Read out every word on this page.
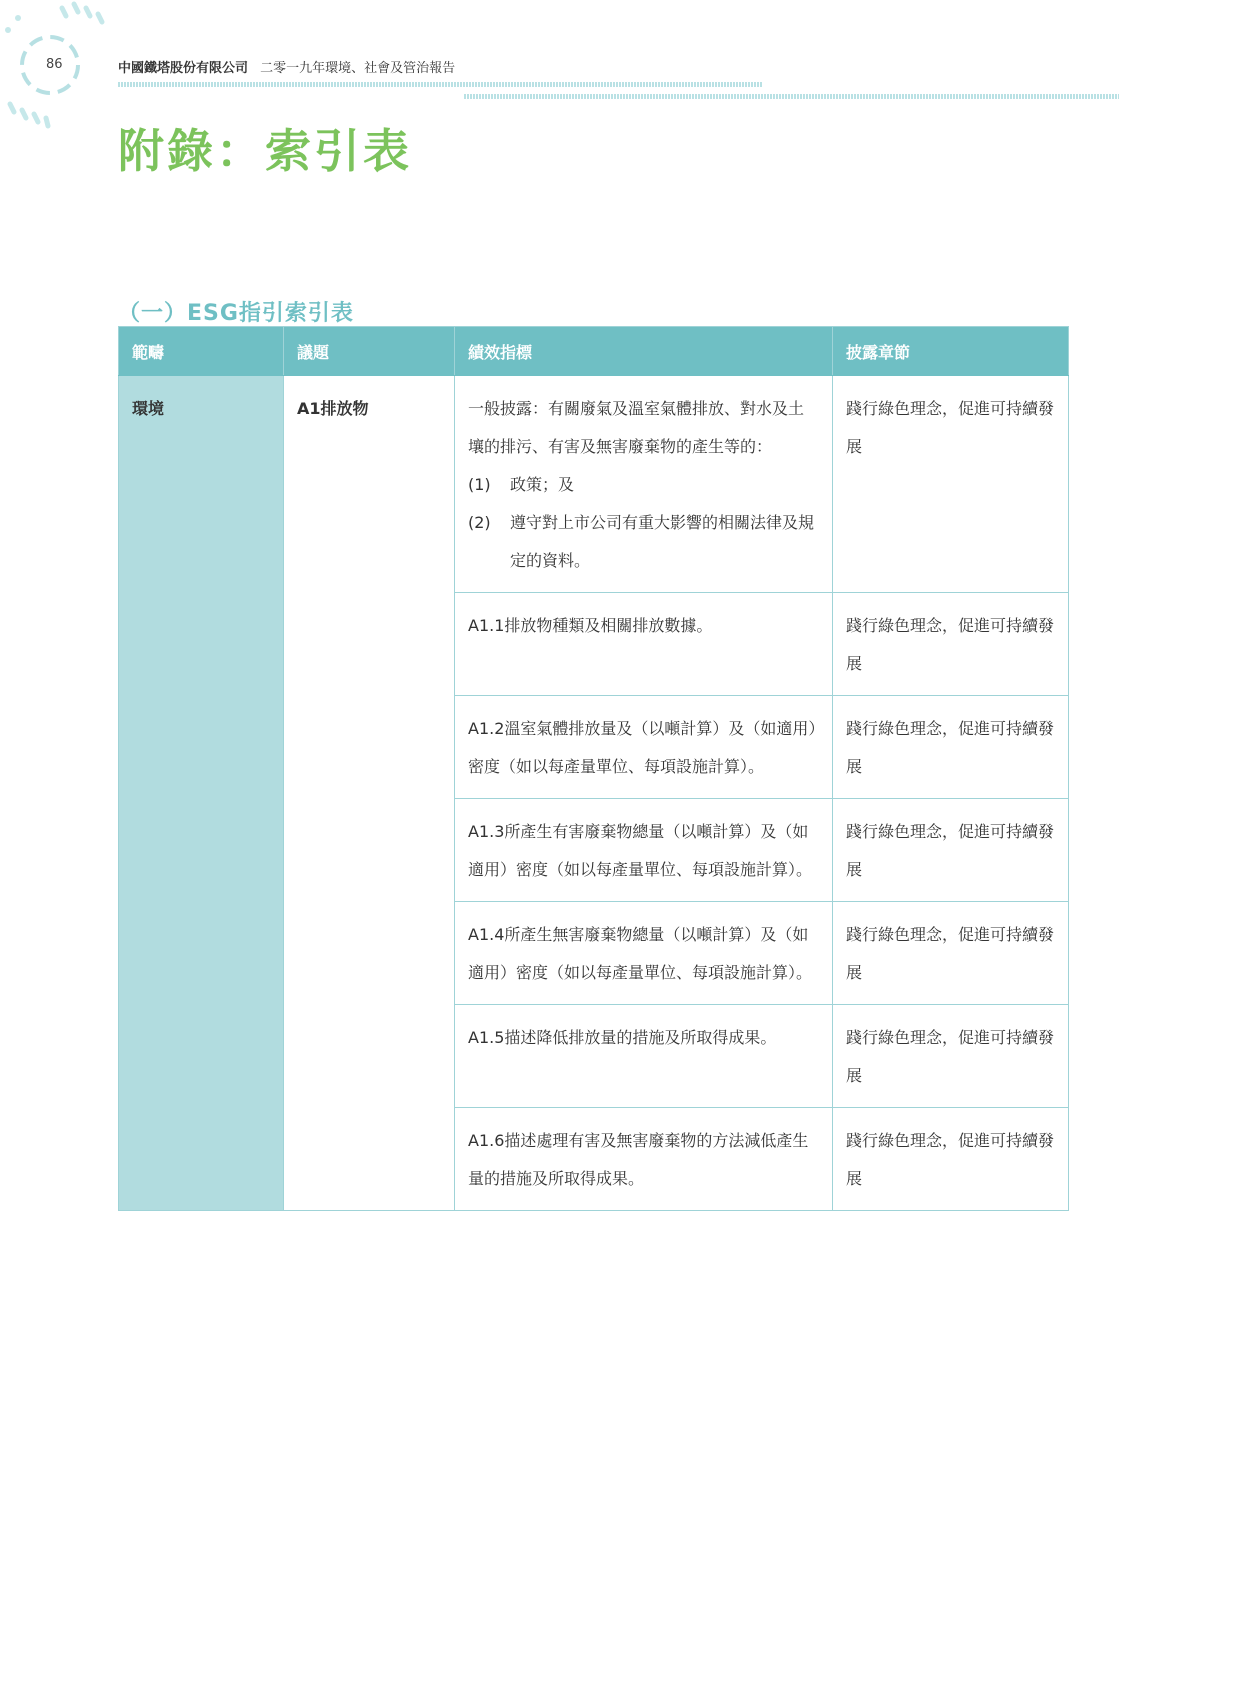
86	中國鐵塔股份有限公司 二零一九年環境、社會及管治報告
附錄：索引表
（一）ESG指引索引表
範疇	議題	績效指標	披露章節
環境	A1排放物	一般披露：有關廢氣及溫室氣體排放、對水及土壤的排污、有害及無害廢棄物的產生等的：
(1) 政策；及
(2) 遵守對上市公司有重大影響的相關法律及規定的資料。	踐行綠色理念，促進可持續發展
		A1.1排放物種類及相關排放數據。	踐行綠色理念，促進可持續發展
		A1.2溫室氣體排放量及（以噸計算）及（如適用）密度（如以每產量單位、每項設施計算）。	踐行綠色理念，促進可持續發展
		A1.3所產生有害廢棄物總量（以噸計算）及（如適用）密度（如以每產量單位、每項設施計算）。	踐行綠色理念，促進可持續發展
		A1.4所產生無害廢棄物總量（以噸計算）及（如適用）密度（如以每產量單位、每項設施計算）。	踐行綠色理念，促進可持續發展
		A1.5描述降低排放量的措施及所取得成果。	踐行綠色理念，促進可持續發展
		A1.6描述處理有害及無害廢棄物的方法減低產生量的措施及所取得成果。	踐行綠色理念，促進可持續發展
